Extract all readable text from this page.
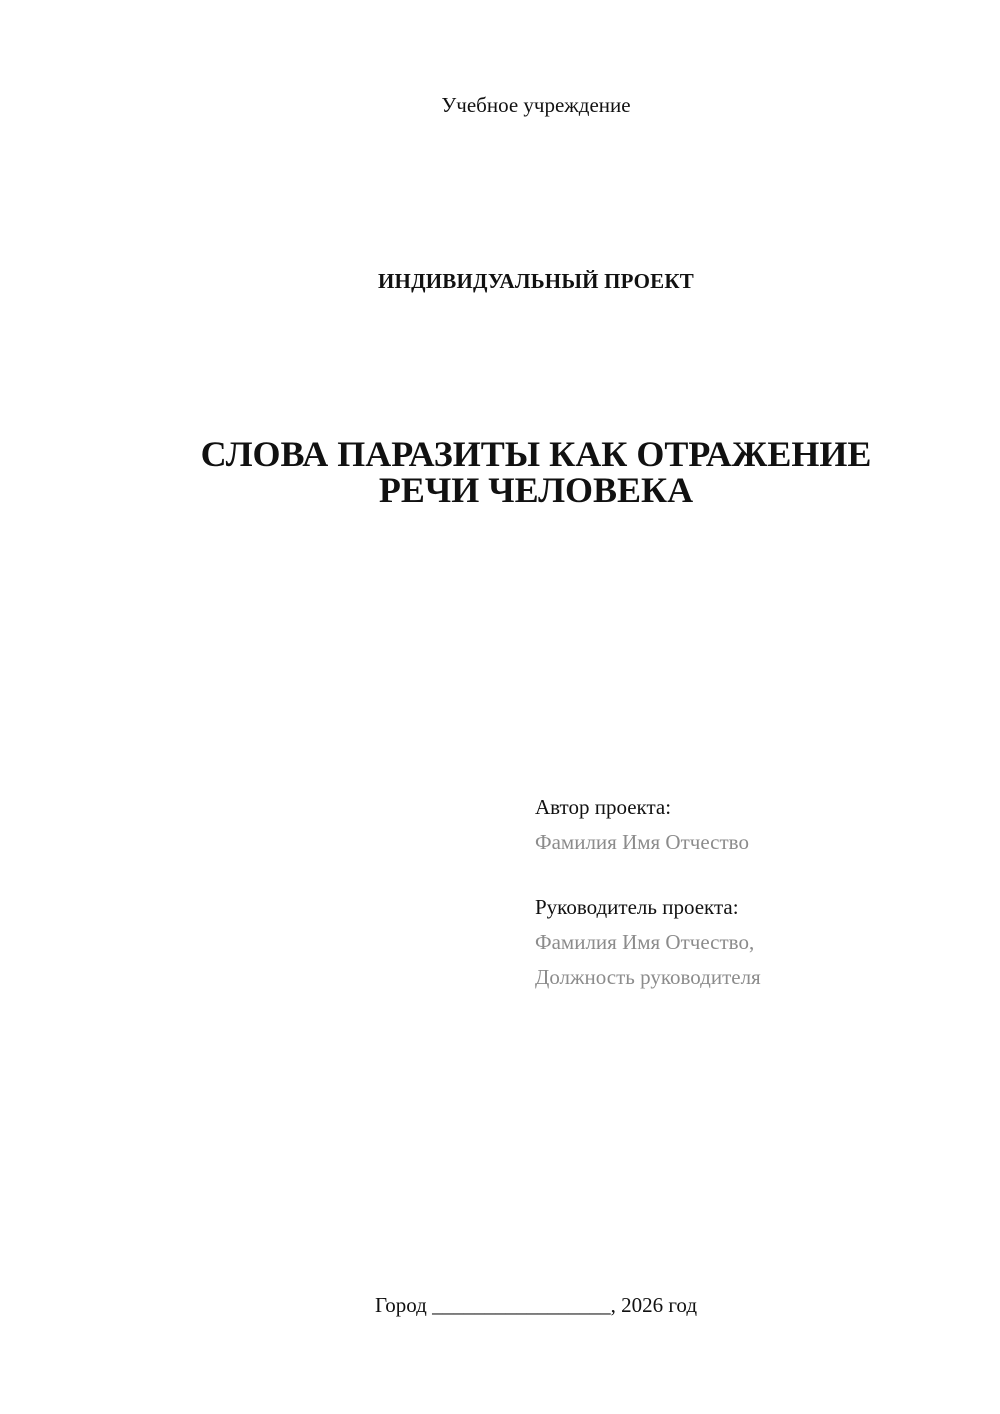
Учебное учреждение
ИНДИВИДУАЛЬНЫЙ ПРОЕКТ
СЛОВА ПАРАЗИТЫ КАК ОТРАЖЕНИЕ
РЕЧИ ЧЕЛОВЕКА
Автор проекта:
Фамилия Имя Отчество
Руководитель проекта:
Фамилия Имя Отчество,
Должность руководителя
Город _________________, 2026 год
